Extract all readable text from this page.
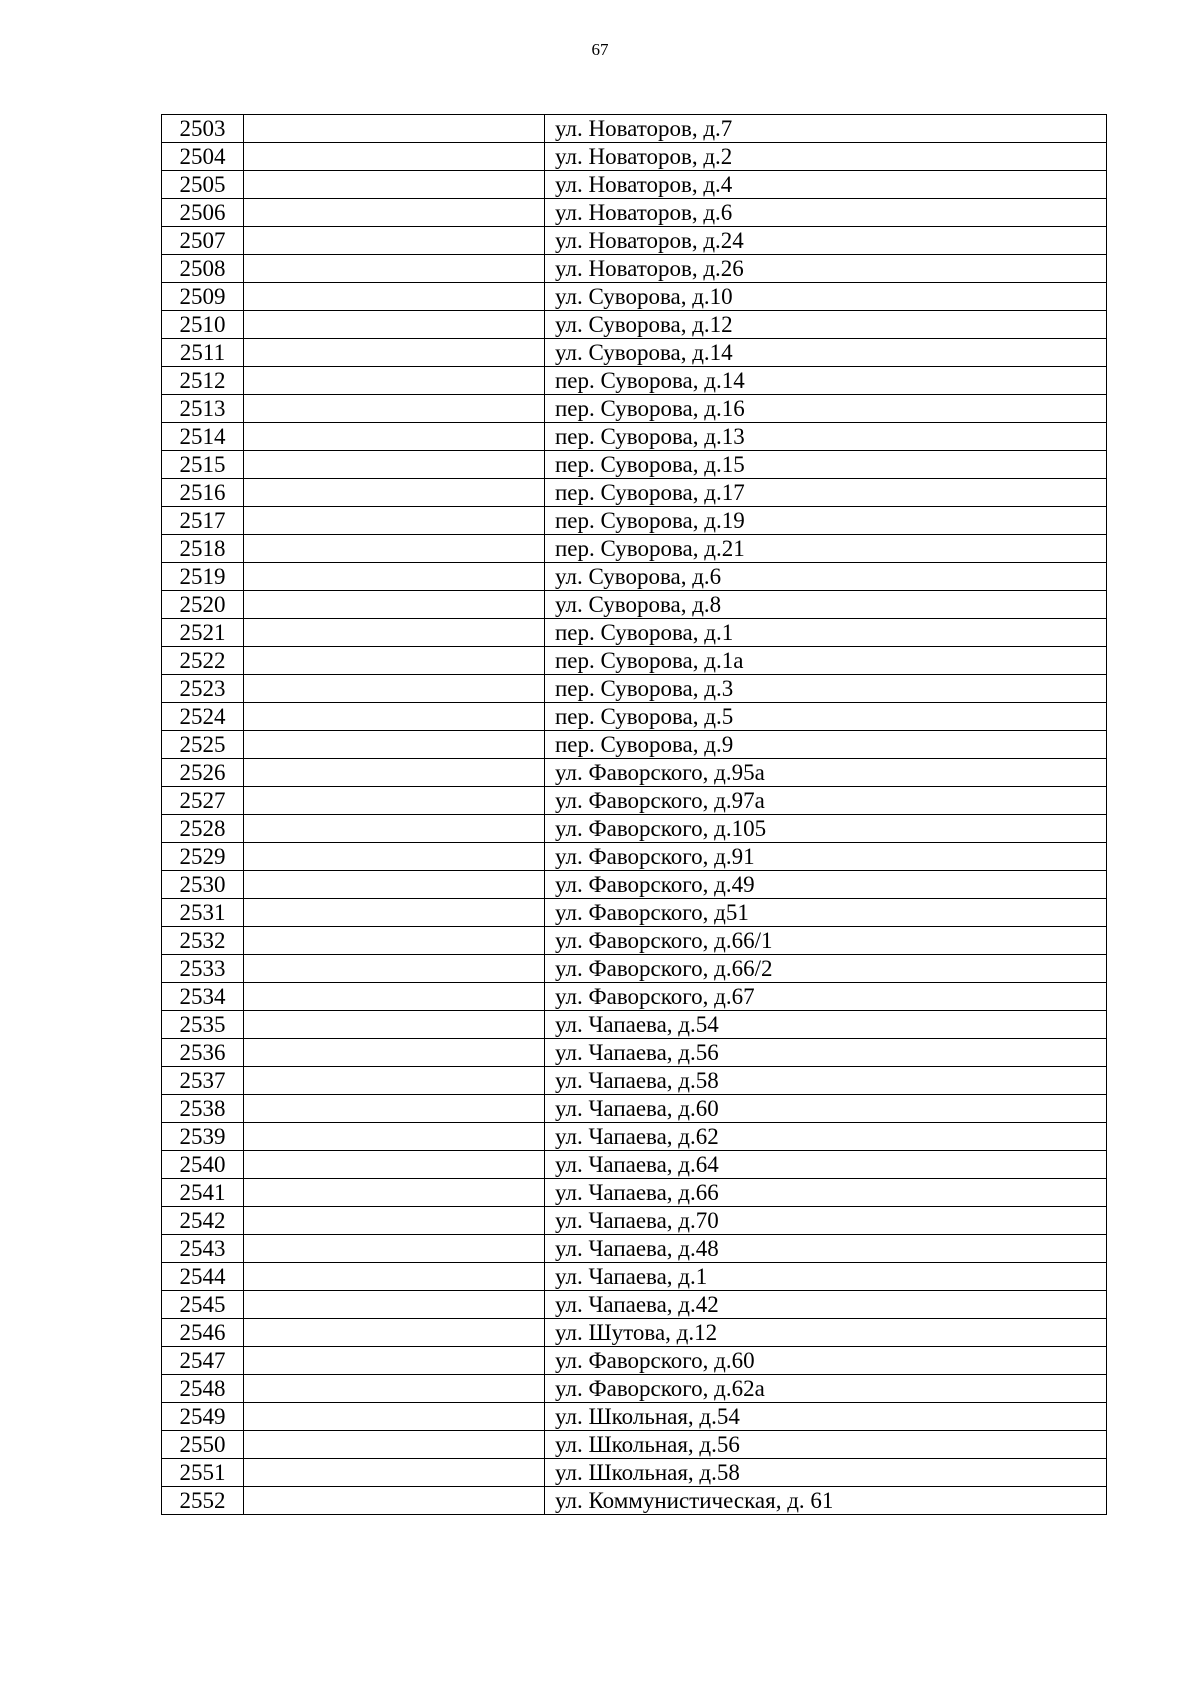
67
2503		ул. Новаторов, д.7
2504		ул. Новаторов, д.2
2505		ул. Новаторов, д.4
2506		ул. Новаторов, д.6
2507		ул. Новаторов, д.24
2508		ул. Новаторов, д.26
2509		ул. Суворова, д.10
2510		ул. Суворова, д.12
2511		ул. Суворова, д.14
2512		пер. Суворова, д.14
2513		пер. Суворова, д.16
2514		пер. Суворова, д.13
2515		пер. Суворова, д.15
2516		пер. Суворова, д.17
2517		пер. Суворова, д.19
2518		пер. Суворова, д.21
2519		ул. Суворова, д.6
2520		ул. Суворова, д.8
2521		пер. Суворова, д.1
2522		пер. Суворова, д.1а
2523		пер. Суворова, д.3
2524		пер. Суворова, д.5
2525		пер. Суворова, д.9
2526		ул. Фаворского, д.95а
2527		ул. Фаворского, д.97а
2528		ул. Фаворского, д.105
2529		ул. Фаворского, д.91
2530		ул. Фаворского, д.49
2531		ул. Фаворского, д51
2532		ул. Фаворского, д.66/1
2533		ул. Фаворского, д.66/2
2534		ул. Фаворского, д.67
2535		ул. Чапаева, д.54
2536		ул. Чапаева, д.56
2537		ул. Чапаева, д.58
2538		ул. Чапаева, д.60
2539		ул. Чапаева, д.62
2540		ул. Чапаева, д.64
2541		ул. Чапаева, д.66
2542		ул. Чапаева, д.70
2543		ул. Чапаева, д.48
2544		ул. Чапаева, д.1
2545		ул. Чапаева, д.42
2546		ул. Шутова, д.12
2547		ул. Фаворского, д.60
2548		ул. Фаворского, д.62а
2549		ул. Школьная, д.54
2550		ул. Школьная, д.56
2551		ул. Школьная, д.58
2552		ул. Коммунистическая, д. 61
